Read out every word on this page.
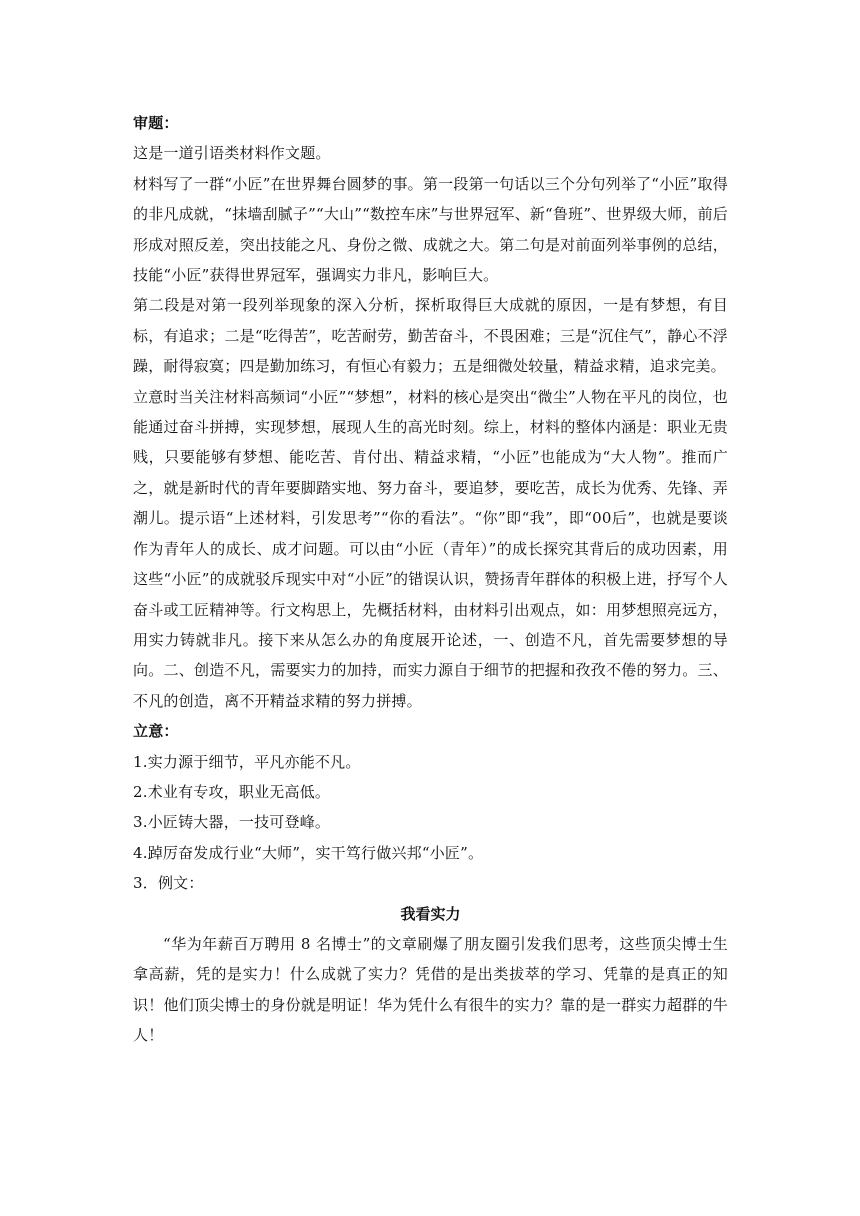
审题：

这是一道引语类材料作文题。

材料写了一群“小匠”在世界舞台圆梦的事。第一段第一句话以三个分句列举了“小匠”取得的非凡成就，“抹墙刮腻子”“大山”“数控车床”与世界冠军、新“鲁班”、世界级大师，前后形成对照反差，突出技能之凡、身份之微、成就之大。第二句是对前面列举事例的总结，技能“小匠”获得世界冠军，强调实力非凡，影响巨大。

第二段是对第一段列举现象的深入分析，探析取得巨大成就的原因，一是有梦想，有目标，有追求；二是“吃得苦”，吃苦耐劳，勤苦奋斗，不畏困难；三是“沉住气”，静心不浮躁，耐得寂寞；四是勤加练习，有恒心有毅力；五是细微处较量，精益求精，追求完美。

立意时当关注材料高频词“小匠”“梦想”，材料的核心是突出“微尘”人物在平凡的岗位，也能通过奋斗拼搏，实现梦想，展现人生的高光时刻。综上，材料的整体内涵是：职业无贵贱，只要能够有梦想、能吃苦、肯付出、精益求精，“小匠”也能成为“大人物”。推而广之，就是新时代的青年要脚踏实地、努力奋斗，要追梦，要吃苦，成长为优秀、先锋、弄潮儿。提示语“上述材料，引发思考”“你的看法”。“你”即“我”，即“00后”，也就是要谈作为青年人的成长、成才问题。可以由“小匠（青年）”的成长探究其背后的成功因素，用这些“小匠”的成就驳斥现实中对“小匠”的错误认识，赞扬青年群体的积极上进，抒写个人奋斗或工匠精神等。行文构思上，先概括材料，由材料引出观点，如：用梦想照亮远方，用实力铸就非凡。接下来从怎么办的角度展开论述，一、创造不凡，首先需要梦想的导向。二、创造不凡，需要实力的加持，而实力源自于细节的把握和孜孜不倦的努力。三、不凡的创造，离不开精益求精的努力拼搏。

立意：

1.实力源于细节，平凡亦能不凡。

2.术业有专攻，职业无高低。

3.小匠铸大器，一技可登峰。

4.踔厉奋发成行业“大师”，实干笃行做兴邦“小匠”。

3．例文：

我看实力

“华为年薪百万聘用 8 名博士”的文章刷爆了朋友圈引发我们思考，这些顶尖博士生拿高薪，凭的是实力！什么成就了实力？凭借的是出类拔萃的学习、凭靠的是真正的知识！他们顶尖博士的身份就是明证！华为凭什么有很牛的实力？靠的是一群实力超群的牛人！
